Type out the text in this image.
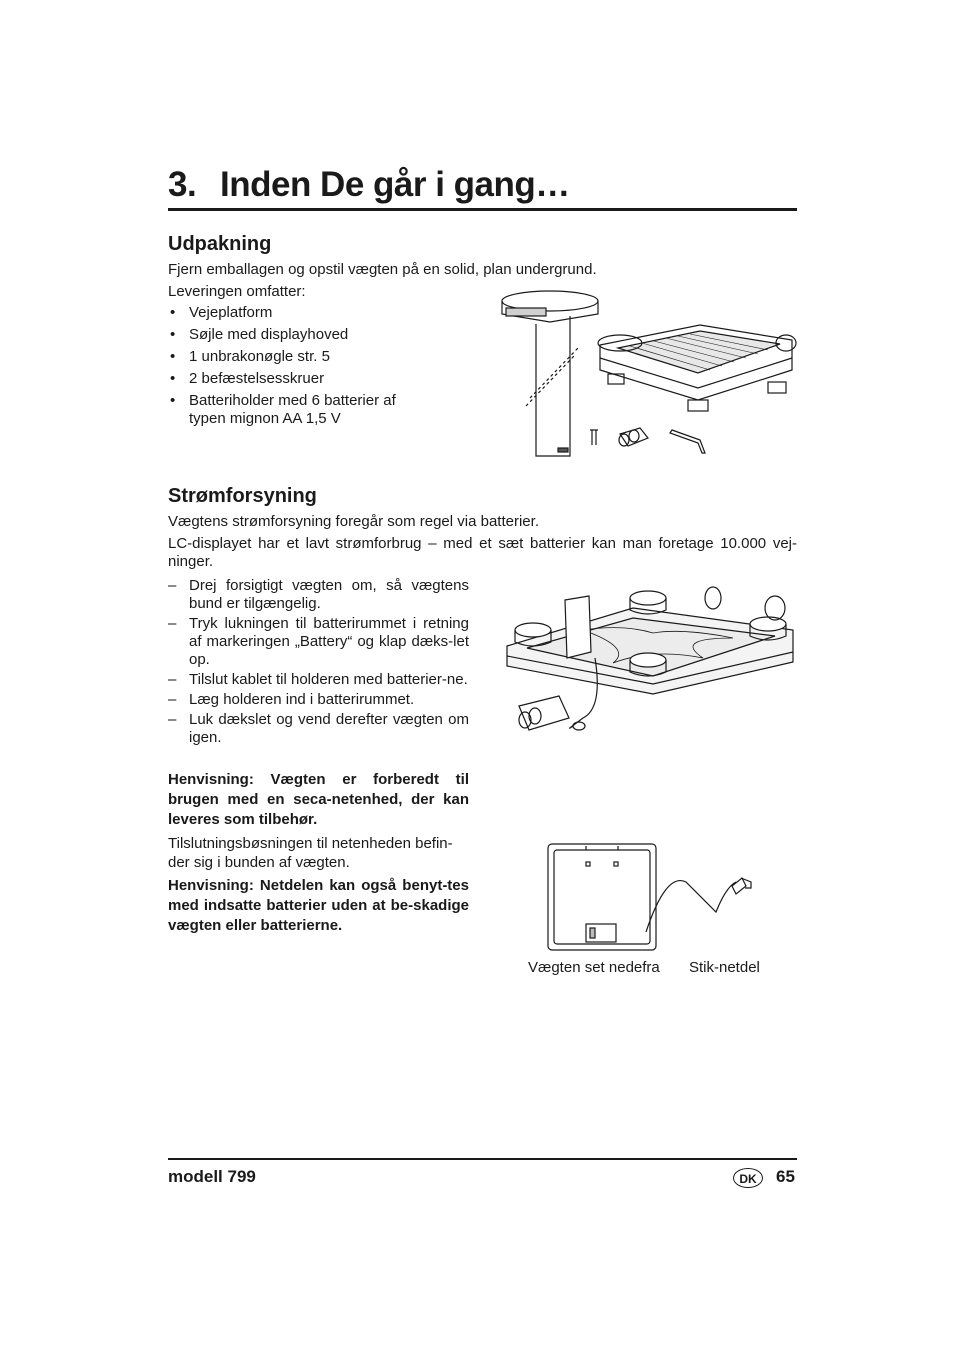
3. Inden De går i gang…
Udpakning
Fjern emballagen og opstil vægten på en solid, plan undergrund.
Leveringen omfatter:
• Vejeplatform
• Søjle med displayhoved
• 1 unbrakonøgle str. 5
• 2 befæstelsesskruer
• Batteriholder med 6 batterier af typen mignon AA 1,5 V
Strømforsyning
Vægtens strømforsyning foregår som regel via batterier.
LC-displayet har et lavt strømforbrug – med et sæt batterier kan man foretage 10.000 vej-ninger.
– Drej forsigtigt vægten om, så vægtens bund er tilgængelig.
– Tryk lukningen til batterirummet i retning af markeringen „Battery“ og klap dæks-let op.
– Tilslut kablet til holderen med batterier-ne.
– Læg holderen ind i batterirummet.
– Luk dækslet og vend derefter vægten om igen.
Henvisning: Vægten er forberedt til brugen med en seca-netenhed, der kan leveres som tilbehør.
Tilslutningsbøsningen til netenheden befin-der sig i bunden af vægten.
Henvisning: Netdelen kan også benyt-tes med indsatte batterier uden at be-skadige vægten eller batterierne.
Vægten set nedefra Stik-netdel
modell 799	DK	65
